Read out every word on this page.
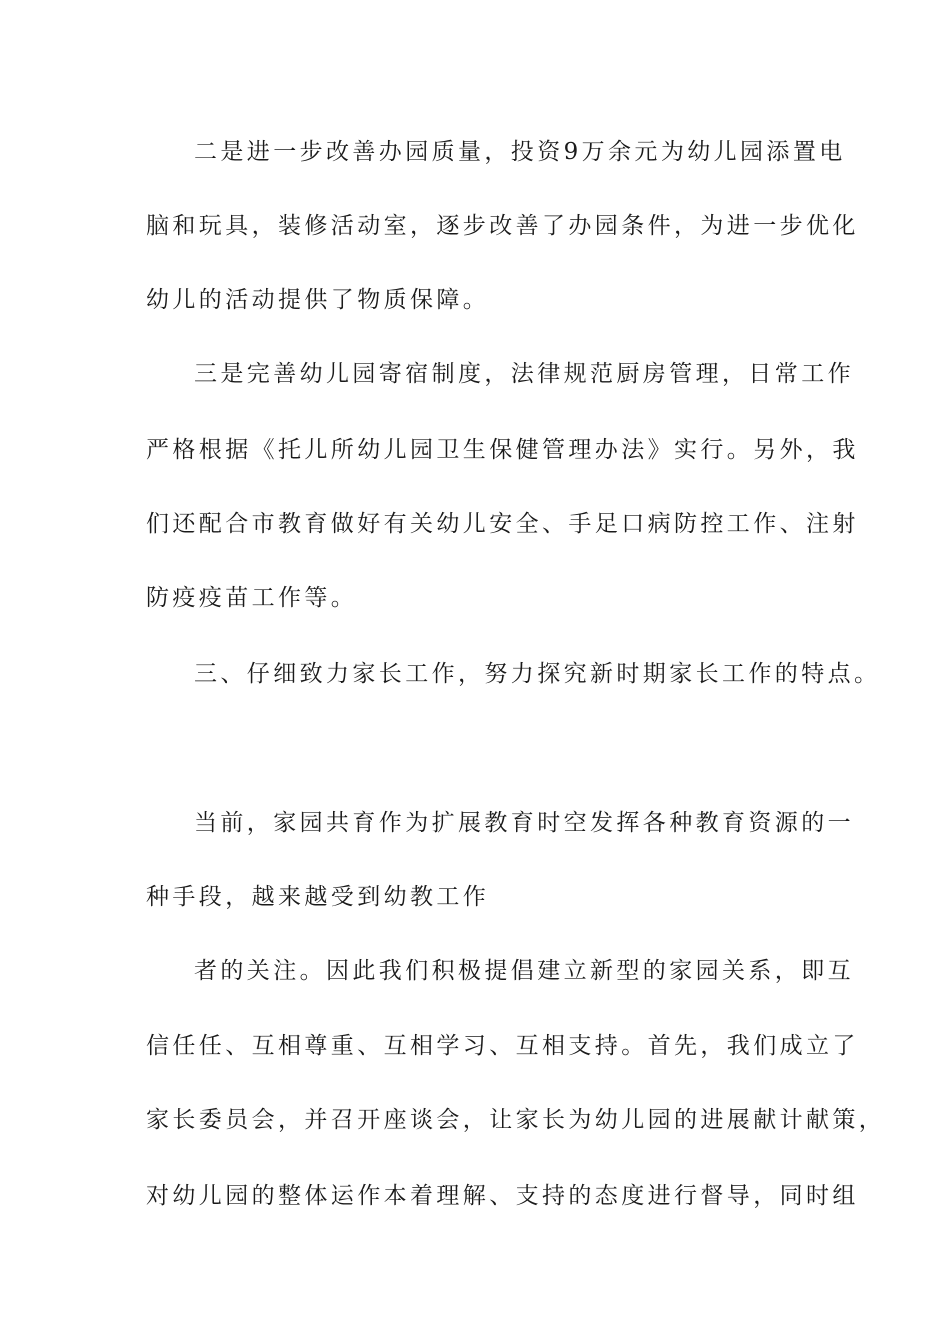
二是进一步改善办园质量，投资9万余元为幼儿园添置电
脑和玩具，装修活动室，逐步改善了办园条件，为进一步优化
幼儿的活动提供了物质保障。
三是完善幼儿园寄宿制度，法律规范厨房管理，日常工作
严格根据《托儿所幼儿园卫生保健管理办法》实行。另外，我
们还配合市教育做好有关幼儿安全、手足口病防控工作、注射
防疫疫苗工作等。
三、仔细致力家长工作，努力探究新时期家长工作的特点。
当前，家园共育作为扩展教育时空发挥各种教育资源的一
种手段，越来越受到幼教工作
者的关注。因此我们积极提倡建立新型的家园关系，即互
信任任、互相尊重、互相学习、互相支持。首先，我们成立了
家长委员会，并召开座谈会，让家长为幼儿园的进展献计献策，
对幼儿园的整体运作本着理解、支持的态度进行督导，同时组
